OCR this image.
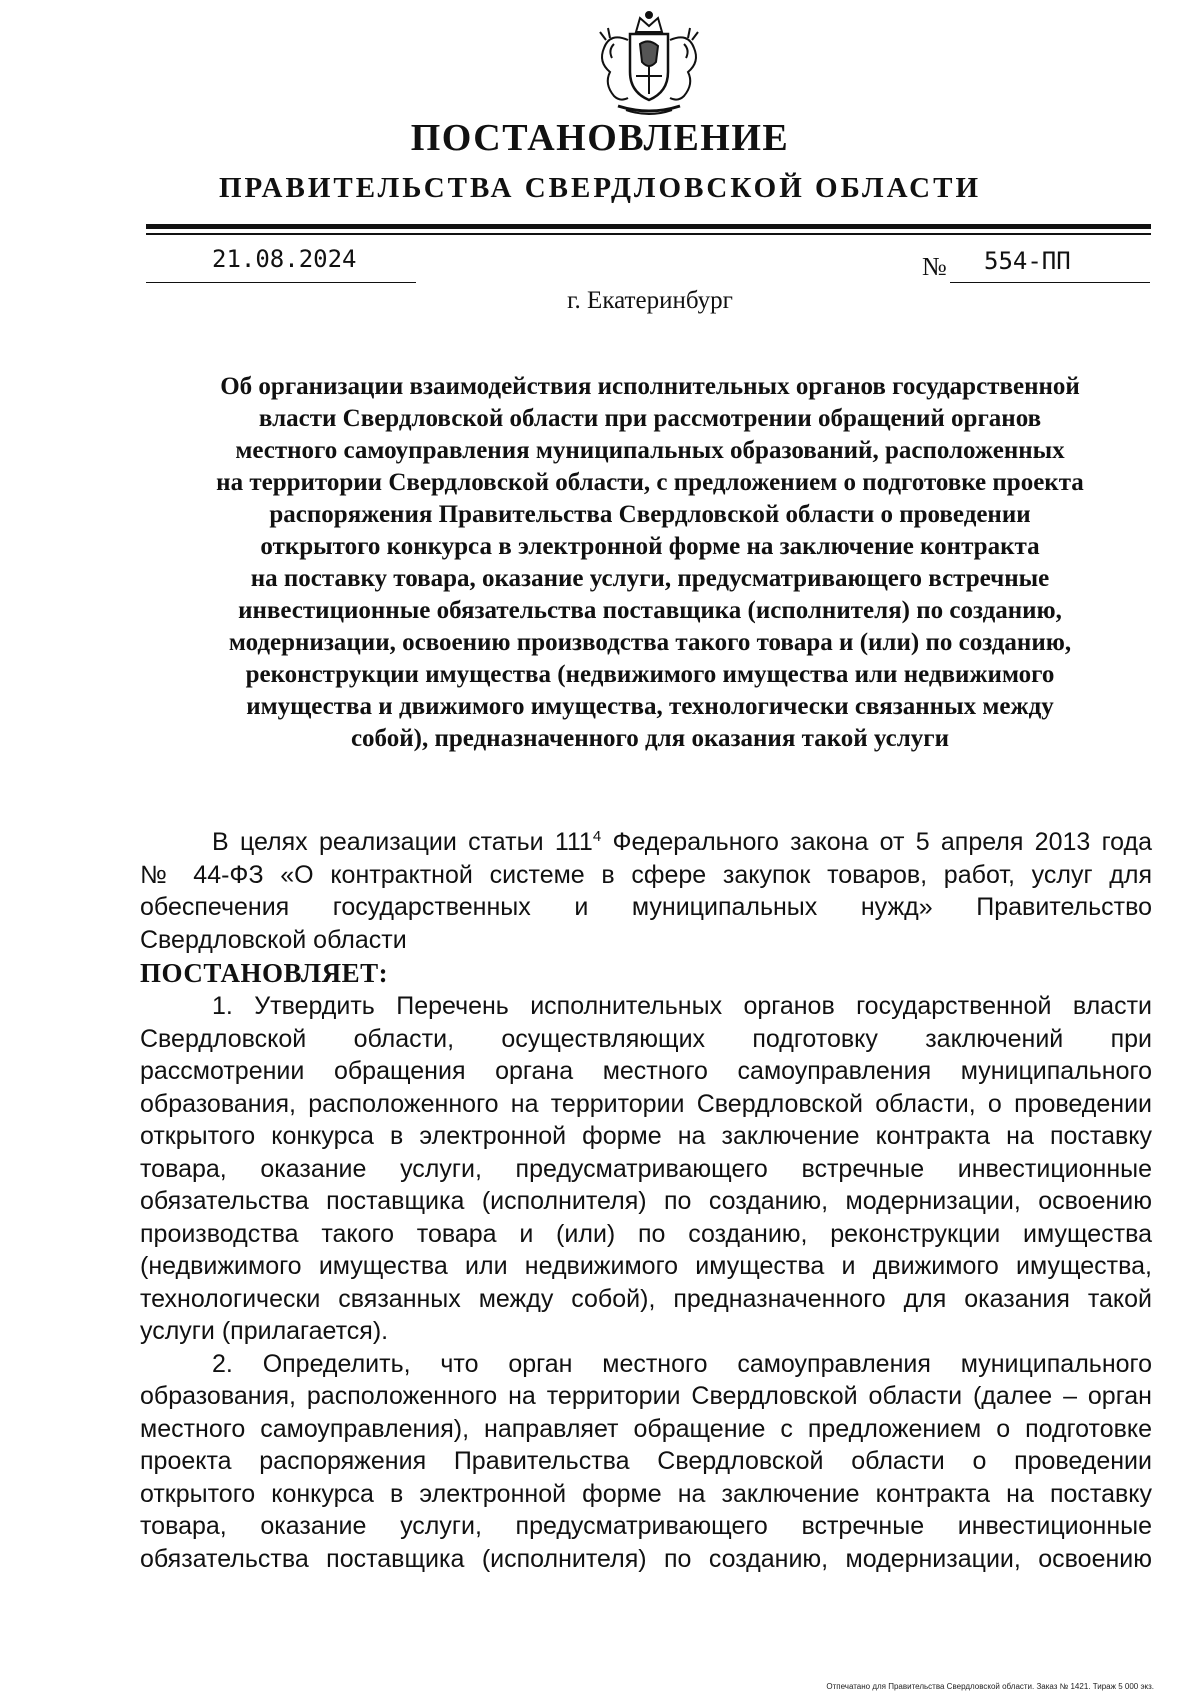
ПОСТАНОВЛЕНИЕ
ПРАВИТЕЛЬСТВА СВЕРДЛОВСКОЙ ОБЛАСТИ
21.08.2024	№ 554-ПП
г. Екатеринбург
Об организации взаимодействия исполнительных органов государственной
власти Свердловской области при рассмотрении обращений органов
местного самоуправления муниципальных образований, расположенных
на территории Свердловской области, с предложением о подготовке проекта
распоряжения Правительства Свердловской области о проведении
открытого конкурса в электронной форме на заключение контракта
на поставку товара, оказание услуги, предусматривающего встречные
инвестиционные обязательства поставщика (исполнителя) по созданию,
модернизации, освоению производства такого товара и (или) по созданию,
реконструкции имущества (недвижимого имущества или недвижимого
имущества и движимого имущества, технологически связанных между
собой), предназначенного для оказания такой услуги
В целях реализации статьи $111^4$ Федерального закона от 5 апреля 2013 года
№ 44-ФЗ «О контрактной системе в сфере закупок товаров, работ, услуг для
обеспечения государственных и муниципальных нужд» Правительство
Свердловской области
ПОСТАНОВЛЯЕТ:
1. Утвердить Перечень исполнительных органов государственной власти
Свердловской области, осуществляющих подготовку заключений при
рассмотрении обращения органа местного самоуправления муниципального
образования, расположенного на территории Свердловской области, о проведении
открытого конкурса в электронной форме на заключение контракта на поставку
товара, оказание услуги, предусматривающего встречные инвестиционные
обязательства поставщика (исполнителя) по созданию, модернизации, освоению
производства такого товара и (или) по созданию, реконструкции имущества
(недвижимого имущества или недвижимого имущества и движимого имущества,
технологически связанных между собой), предназначенного для оказания такой
услуги (прилагается).
2. Определить, что орган местного самоуправления муниципального
образования, расположенного на территории Свердловской области (далее – орган
местного самоуправления), направляет обращение с предложением о подготовке
проекта распоряжения Правительства Свердловской области о проведении
открытого конкурса в электронной форме на заключение контракта на поставку
товара, оказание услуги, предусматривающего встречные инвестиционные
обязательства поставщика (исполнителя) по созданию, модернизации, освоению
Отпечатано для Правительства Свердловской области. Заказ № 1421. Тираж 5 000 экз.
